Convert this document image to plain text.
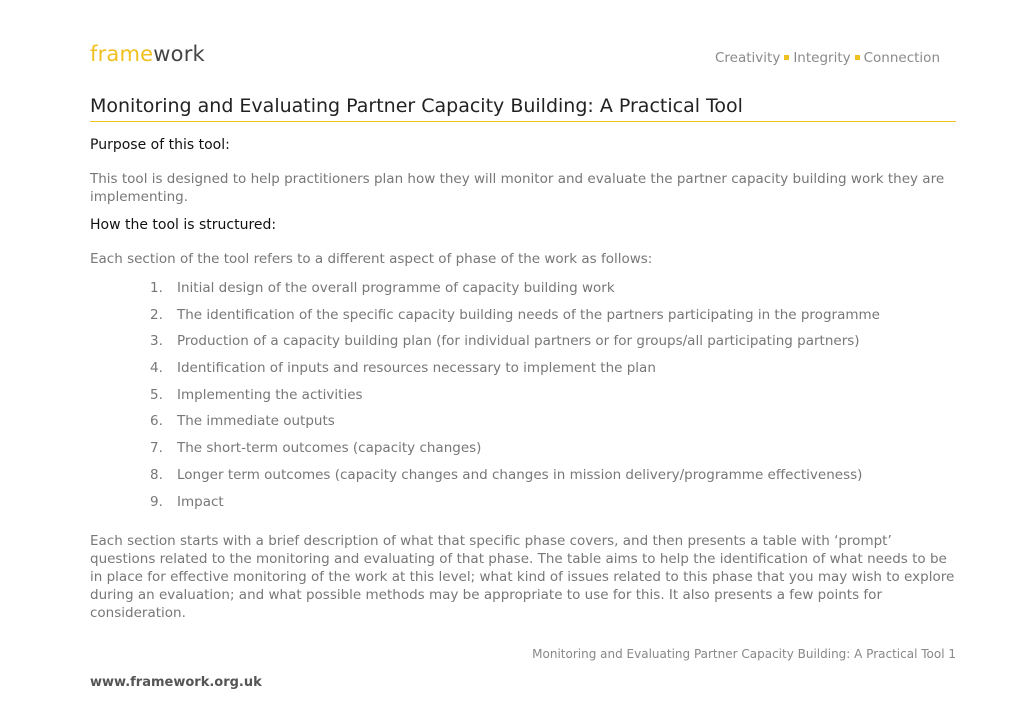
framework	Creativity Integrity Connection
Monitoring and Evaluating Partner Capacity Building: A Practical Tool
Purpose of this tool:
This tool is designed to help practitioners plan how they will monitor and evaluate the partner capacity building work they are implementing.
How the tool is structured:
Each section of the tool refers to a different aspect of phase of the work as follows:
1. Initial design of the overall programme of capacity building work
2. The identification of the specific capacity building needs of the partners participating in the programme
3. Production of a capacity building plan (for individual partners or for groups/all participating partners)
4. Identification of inputs and resources necessary to implement the plan
5. Implementing the activities
6. The immediate outputs
7. The short-term outcomes (capacity changes)
8. Longer term outcomes (capacity changes and changes in mission delivery/programme effectiveness)
9. Impact
Each section starts with a brief description of what that specific phase covers, and then presents a table with ‘prompt’ questions related to the monitoring and evaluating of that phase. The table aims to help the identification of what needs to be in place for effective monitoring of the work at this level; what kind of issues related to this phase that you may wish to explore during an evaluation; and what possible methods may be appropriate to use for this. It also presents a few points for consideration.
Monitoring and Evaluating Partner Capacity Building: A Practical Tool 1
www.framework.org.uk
